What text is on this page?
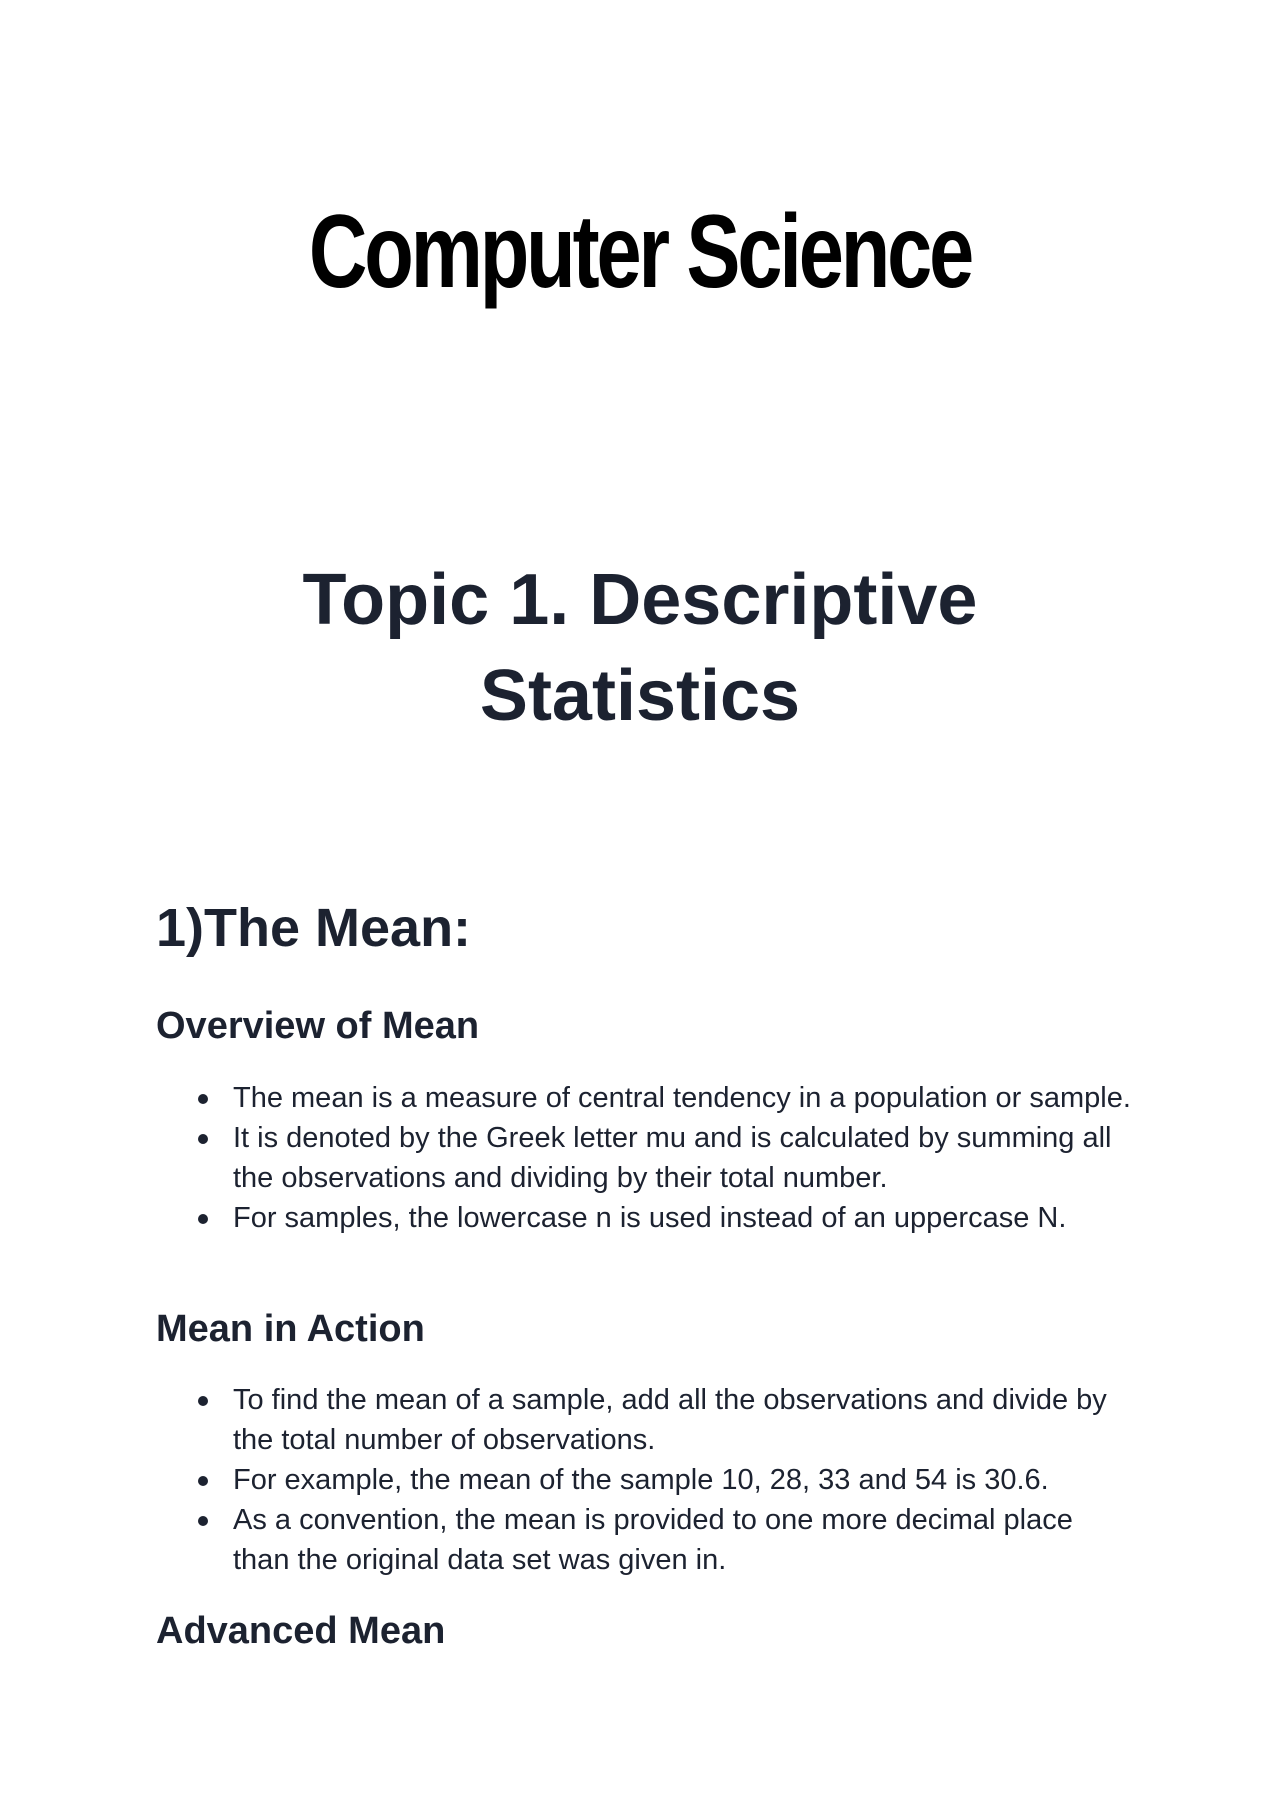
Computer Science
Topic 1. Descriptive Statistics
1)The Mean:
Overview of Mean
The mean is a measure of central tendency in a population or sample.
It is denoted by the Greek letter mu and is calculated by summing all the observations and dividing by their total number.
For samples, the lowercase n is used instead of an uppercase N.
Mean in Action
To find the mean of a sample, add all the observations and divide by the total number of observations.
For example, the mean of the sample 10, 28, 33 and 54 is 30.6.
As a convention, the mean is provided to one more decimal place than the original data set was given in.
Advanced Mean
